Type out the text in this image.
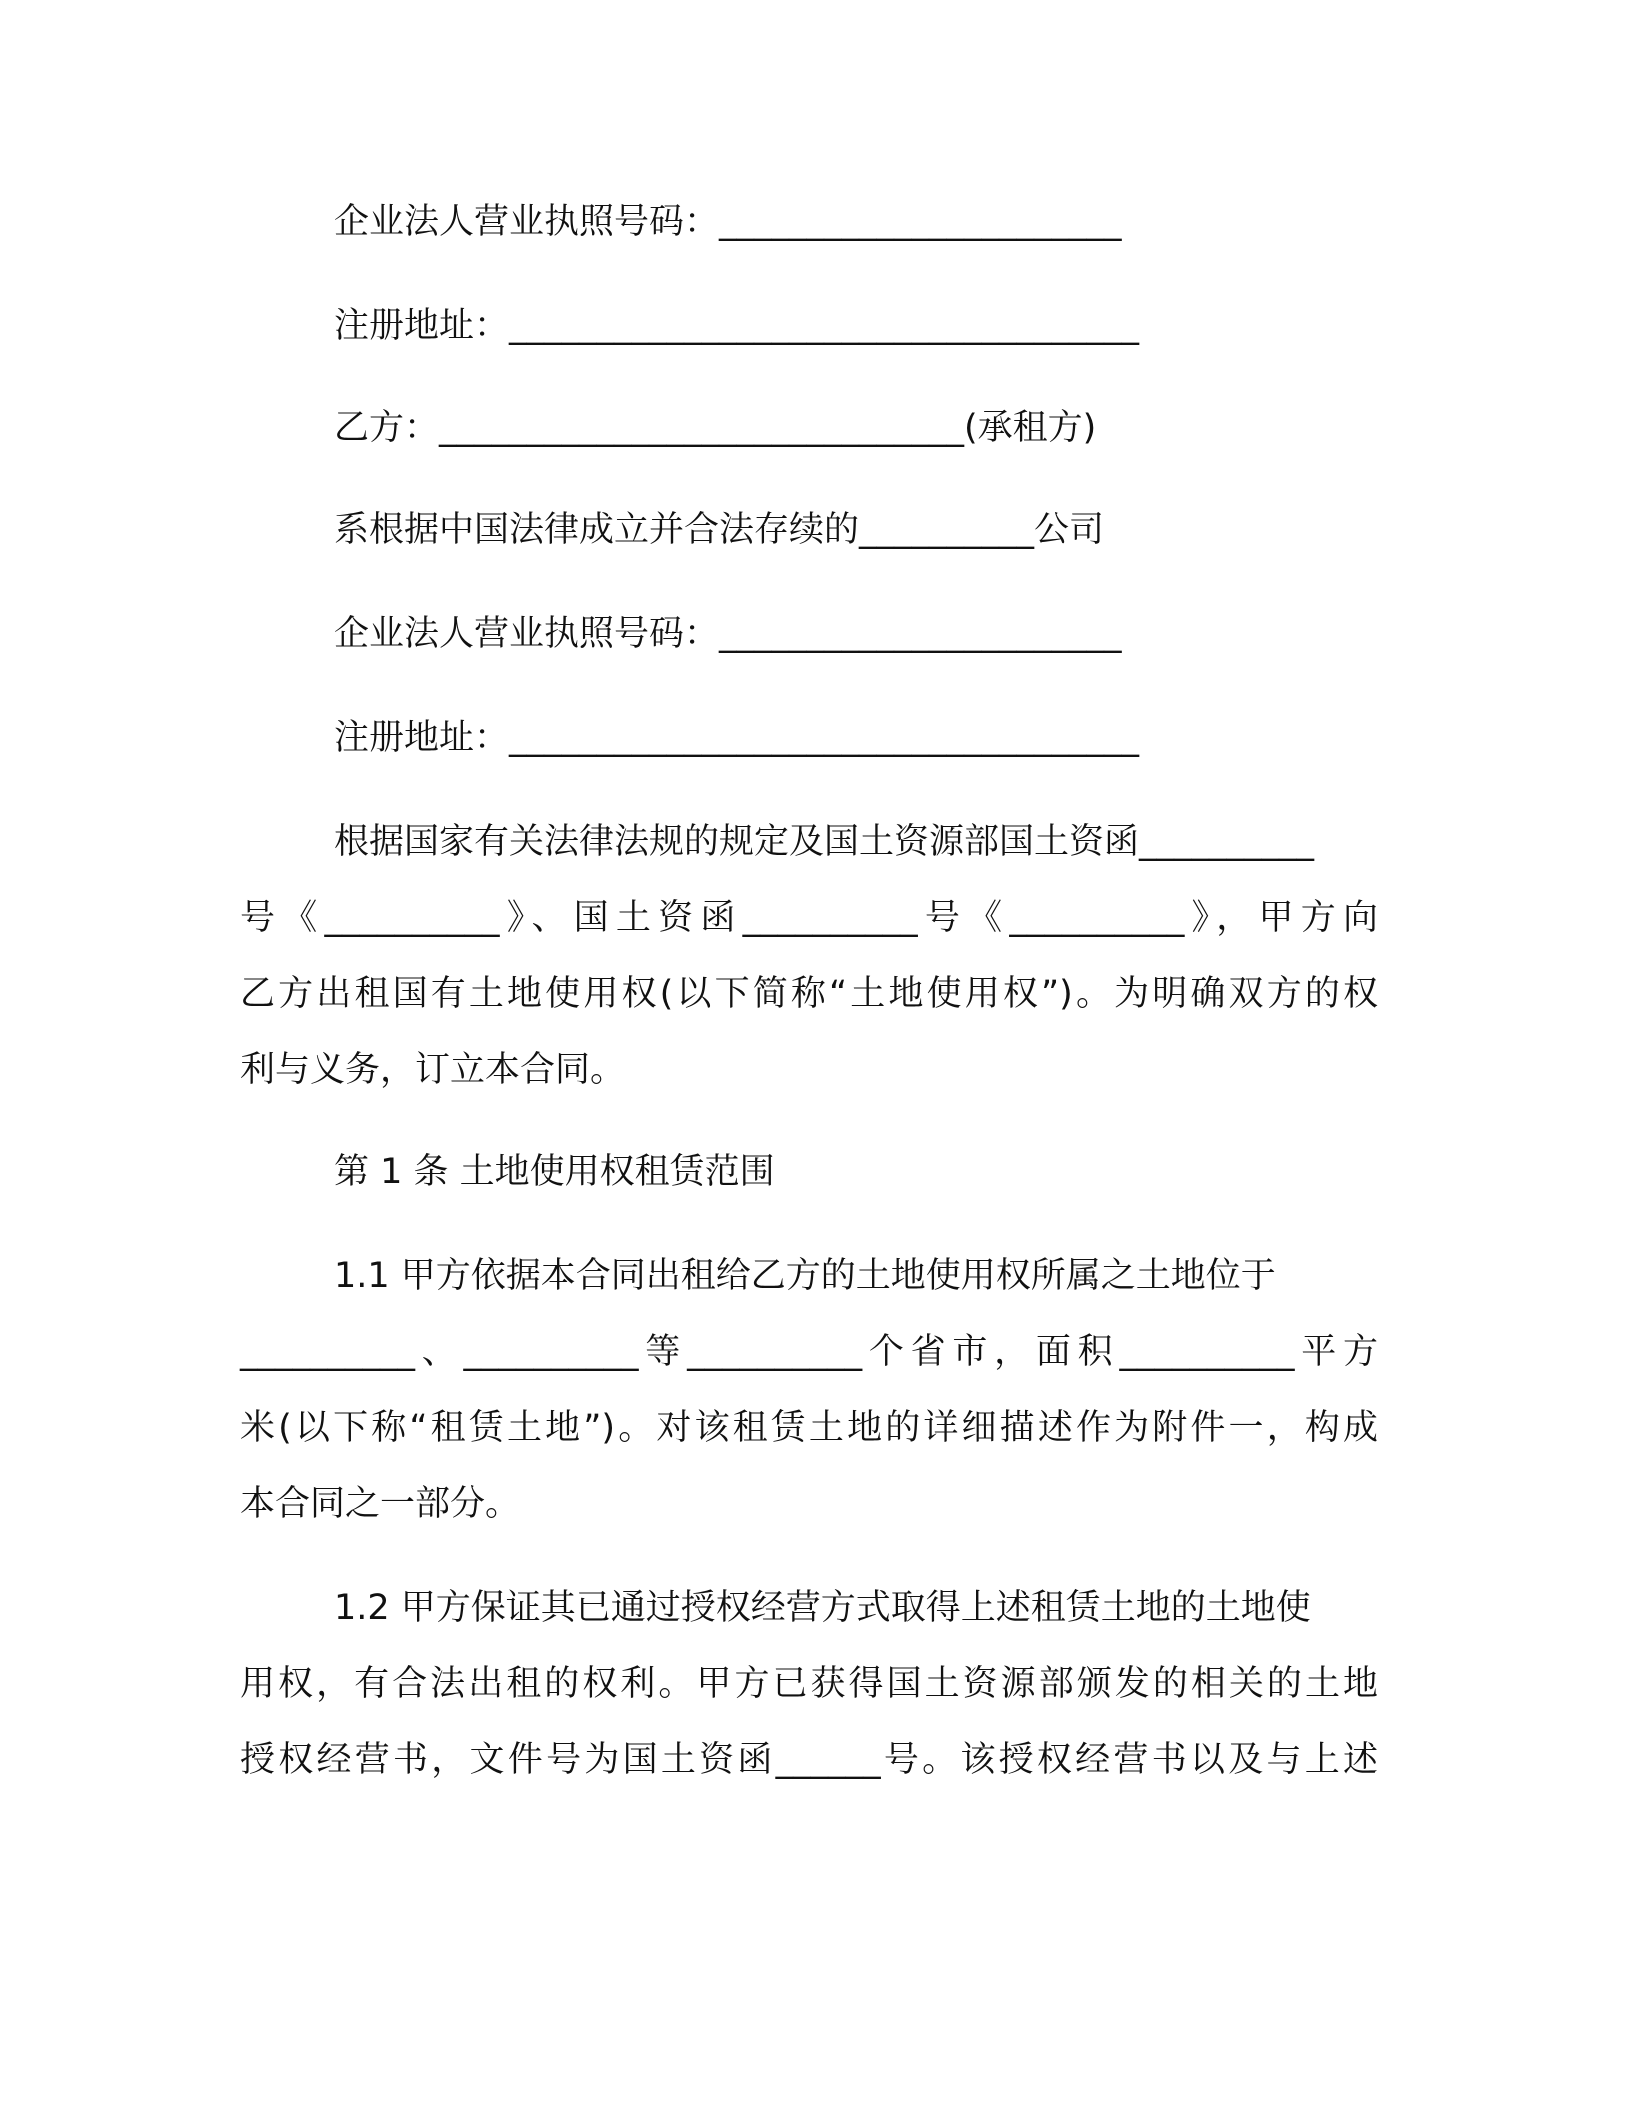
企业法人营业执照号码：_______________________
注册地址：____________________________________
乙方：______________________________(承租方)
系根据中国法律成立并合法存续的__________公司
企业法人营业执照号码：_______________________
注册地址：____________________________________
根据国家有关法律法规的规定及国土资源部国土资函__________
号《__________》、国土资函__________号《__________》，甲方向
乙方出租国有土地使用权(以下简称“土地使用权”)。为明确双方的权
利与义务，订立本合同。
第 1 条 土地使用权租赁范围
1.1 甲方依据本合同出租给乙方的土地使用权所属之土地位于
__________、__________等__________个省市，面积__________平方
米(以下称“租赁土地”)。对该租赁土地的详细描述作为附件一，构成
本合同之一部分。
1.2 甲方保证其已通过授权经营方式取得上述租赁土地的土地使
用权，有合法出租的权利。甲方已获得国土资源部颁发的相关的土地
授权经营书，文件号为国土资函______号。该授权经营书以及与上述
